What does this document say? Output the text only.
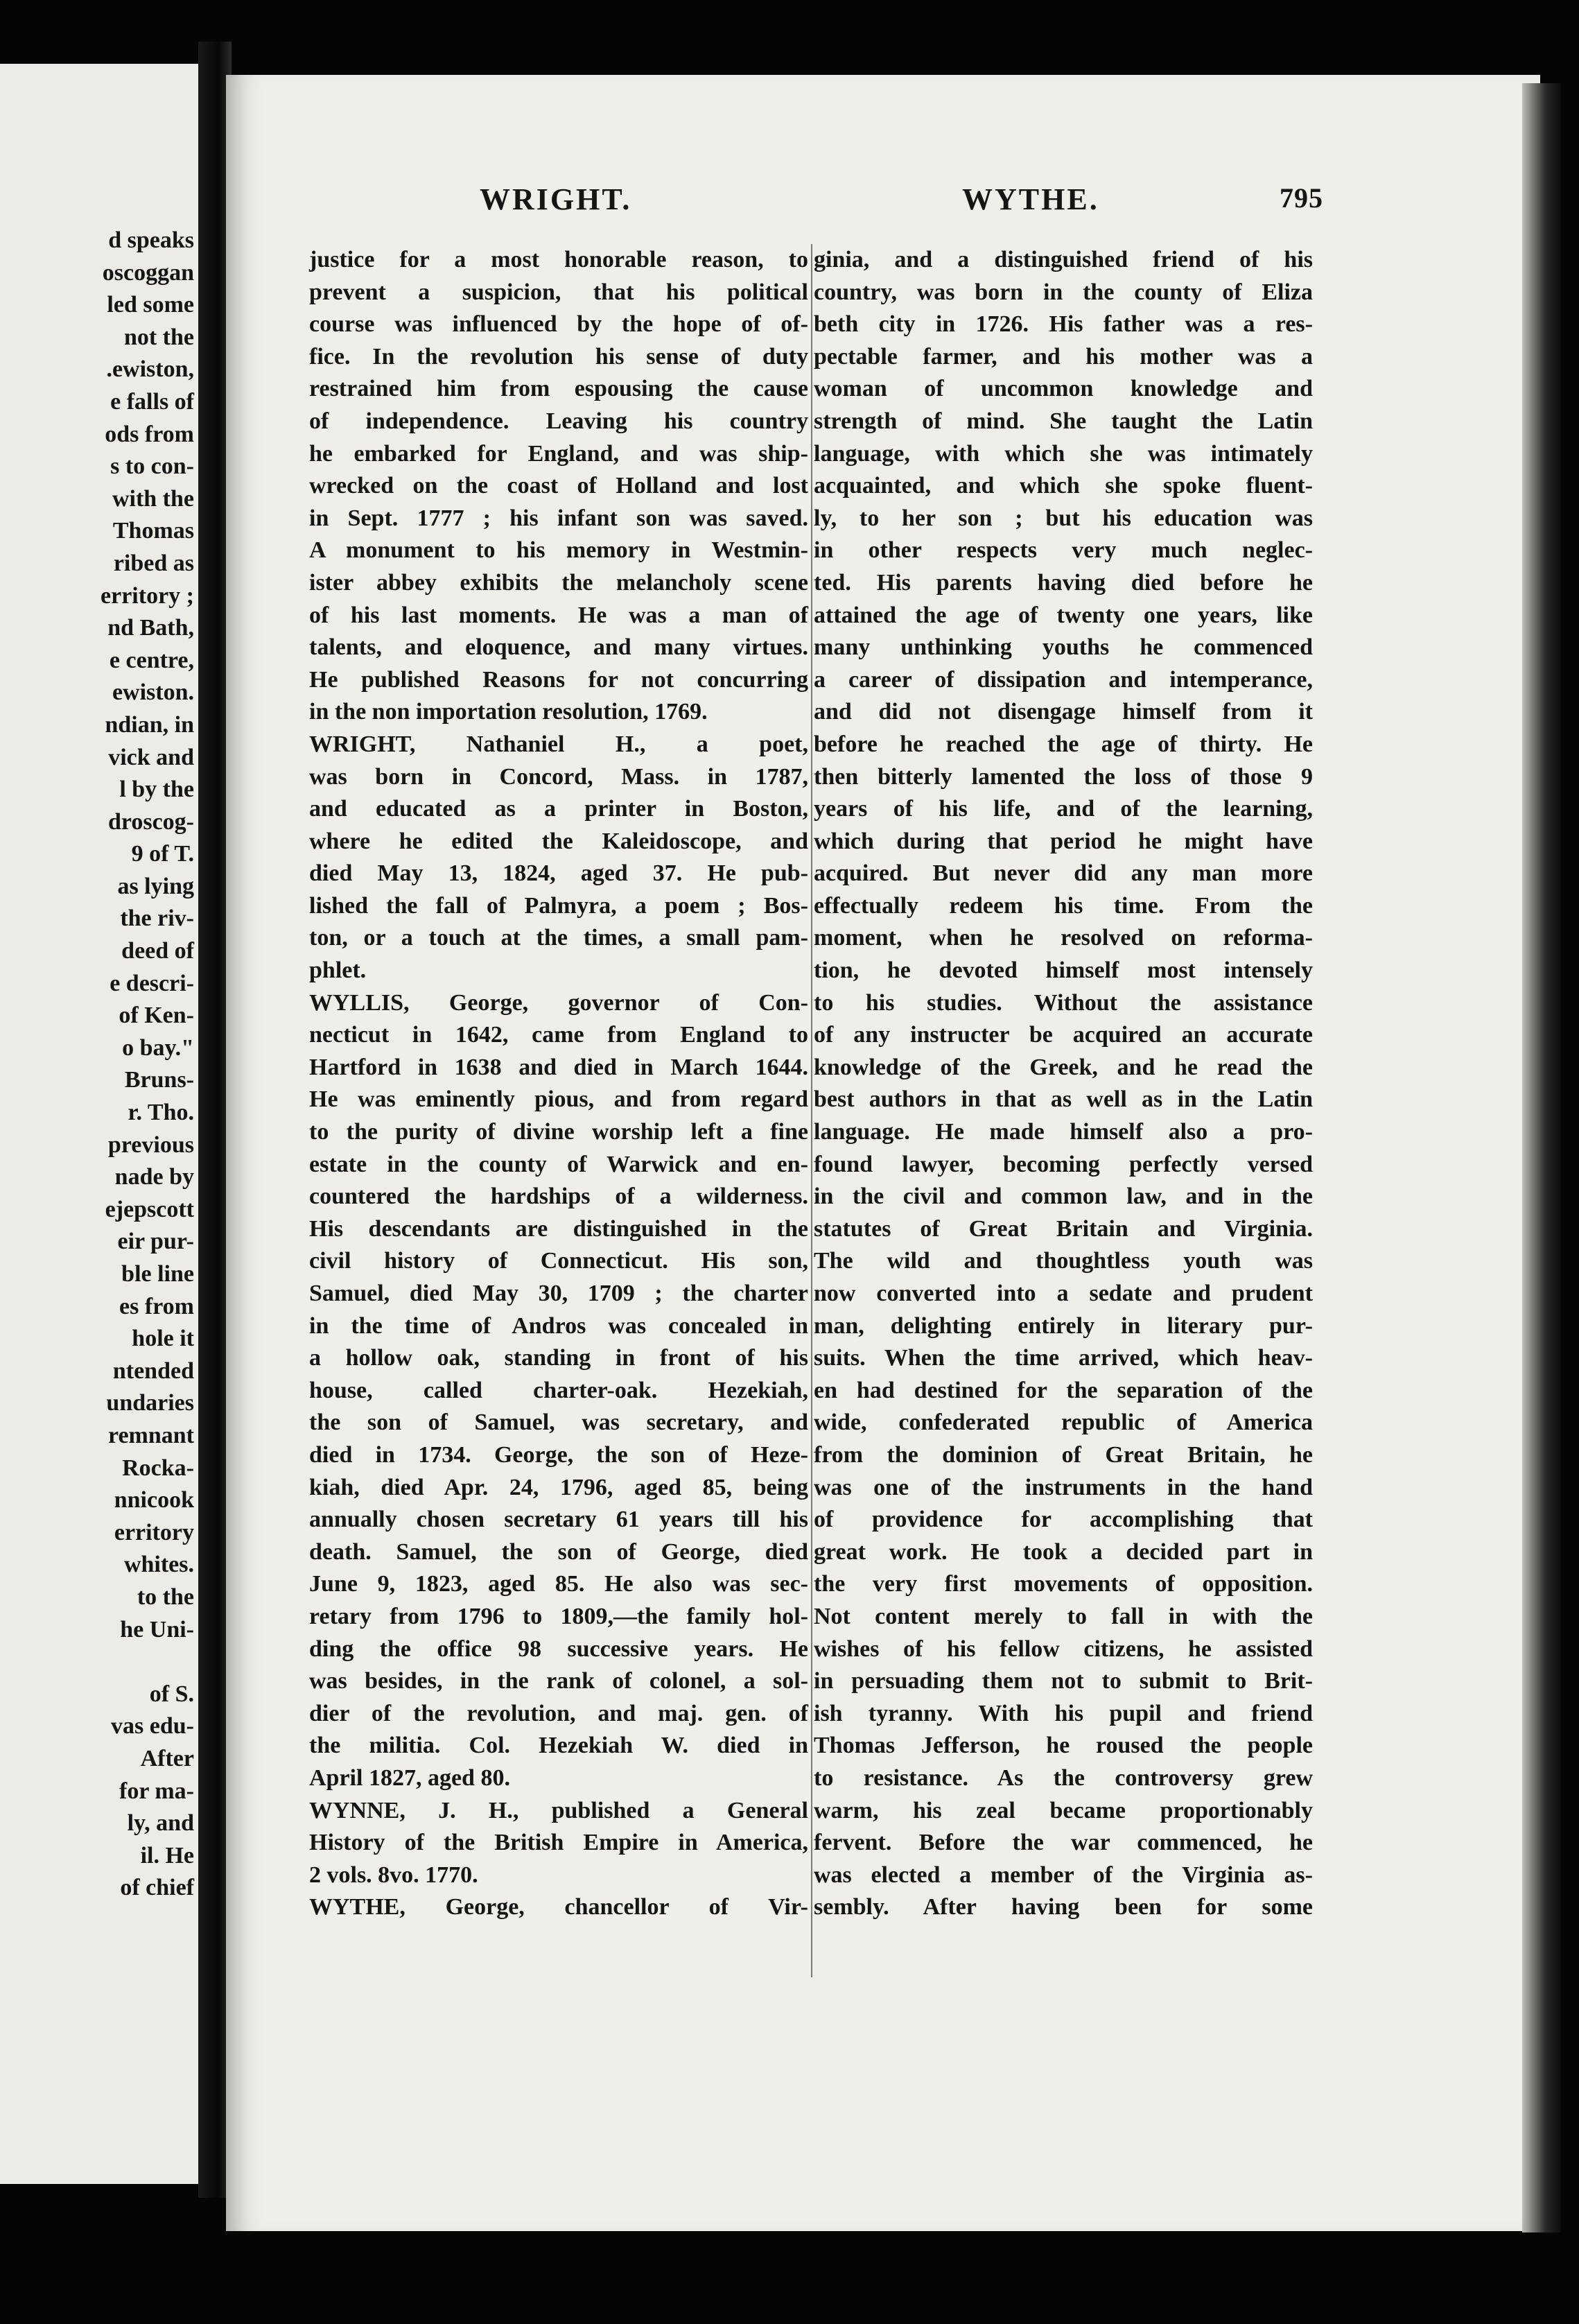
d speaks
oscoggan
led some
not the
.ewiston,
e falls of
ods from
s to con-
with the
Thomas
ribed as
erritory ;
nd Bath,
e centre,
ewiston.
ndian, in
vick and
l by the
droscog-
9 of T.
as lying
the riv-
deed of
e descri-
of Ken-
o bay."
Bruns-
r. Tho.
previous
nade by
ejepscott
eir pur-
ble line
es from
hole it
ntended
undaries
remnant
Rocka-
nnicook
erritory
whites.
to the
he Uni-
of S.
vas edu-
After
for ma-
ly, and
il. He
of chief
WRIGHT.	WYTHE.	795
justice for a most honorable reason, to
prevent a suspicion, that his political
course was influenced by the hope of of-
fice. In the revolution his sense of duty
restrained him from espousing the cause
of independence. Leaving his country
he embarked for England, and was ship-
wrecked on the coast of Holland and lost
in Sept. 1777 ; his infant son was saved.
A monument to his memory in Westmin-
ister abbey exhibits the melancholy scene
of his last moments. He was a man of
talents, and eloquence, and many virtues.
He published Reasons for not concurring
in the non importation resolution, 1769.
WRIGHT, Nathaniel H., a poet,
was born in Concord, Mass. in 1787,
and educated as a printer in Boston,
where he edited the Kaleidoscope, and
died May 13, 1824, aged 37. He pub-
lished the fall of Palmyra, a poem ; Bos-
ton, or a touch at the times, a small pam-
phlet.
WYLLIS, George, governor of Con-
necticut in 1642, came from England to
Hartford in 1638 and died in March 1644.
He was eminently pious, and from regard
to the purity of divine worship left a fine
estate in the county of Warwick and en-
countered the hardships of a wilderness.
His descendants are distinguished in the
civil history of Connecticut. His son,
Samuel, died May 30, 1709 ; the charter
in the time of Andros was concealed in
a hollow oak, standing in front of his
house, called charter-oak. Hezekiah,
the son of Samuel, was secretary, and
died in 1734. George, the son of Heze-
kiah, died Apr. 24, 1796, aged 85, being
annually chosen secretary 61 years till his
death. Samuel, the son of George, died
June 9, 1823, aged 85. He also was sec-
retary from 1796 to 1809,—the family hol-
ding the office 98 successive years. He
was besides, in the rank of colonel, a sol-
dier of the revolution, and maj. gen. of
the militia. Col. Hezekiah W. died in
April 1827, aged 80.
WYNNE, J. H., published a General
History of the British Empire in America,
2 vols. 8vo. 1770.
WYTHE, George, chancellor of Vir-
ginia, and a distinguished friend of his
country, was born in the county of Eliza
beth city in 1726. His father was a res-
pectable farmer, and his mother was a
woman of uncommon knowledge and
strength of mind. She taught the Latin
language, with which she was intimately
acquainted, and which she spoke fluent-
ly, to her son ; but his education was
in other respects very much neglec-
ted. His parents having died before he
attained the age of twenty one years, like
many unthinking youths he commenced
a career of dissipation and intemperance,
and did not disengage himself from it
before he reached the age of thirty. He
then bitterly lamented the loss of those 9
years of his life, and of the learning,
which during that period he might have
acquired. But never did any man more
effectually redeem his time. From the
moment, when he resolved on reforma-
tion, he devoted himself most intensely
to his studies. Without the assistance
of any instructer be acquired an accurate
knowledge of the Greek, and he read the
best authors in that as well as in the Latin
language. He made himself also a pro-
found lawyer, becoming perfectly versed
in the civil and common law, and in the
statutes of Great Britain and Virginia.
The wild and thoughtless youth was
now converted into a sedate and prudent
man, delighting entirely in literary pur-
suits. When the time arrived, which heav-
en had destined for the separation of the
wide, confederated republic of America
from the dominion of Great Britain, he
was one of the instruments in the hand
of providence for accomplishing that
great work. He took a decided part in
the very first movements of opposition.
Not content merely to fall in with the
wishes of his fellow citizens, he assisted
in persuading them not to submit to Brit-
ish tyranny. With his pupil and friend
Thomas Jefferson, he roused the people
to resistance. As the controversy grew
warm, his zeal became proportionably
fervent. Before the war commenced, he
was elected a member of the Virginia as-
sembly. After having been for some
